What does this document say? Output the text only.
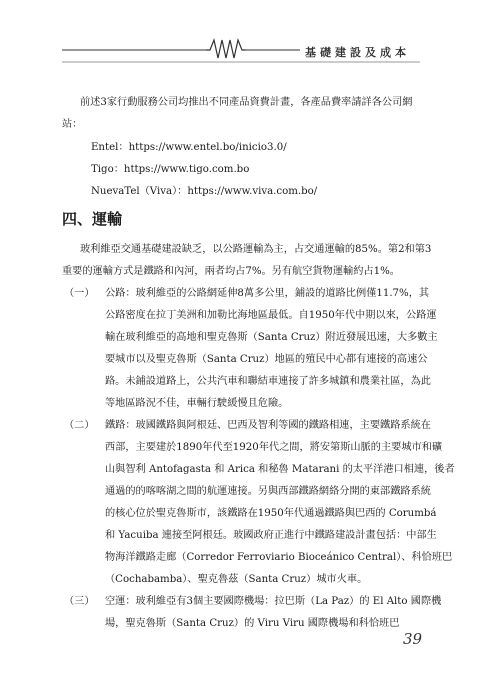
基礎建設及成本
前述3家行動服務公司均推出不同產品資費計畫，各產品費率請詳各公司網
站：
Entel：https://www.entel.bo/inicio3.0/
Tigo：https://www.tigo.com.bo
NuevaTel（Viva）：https://www.viva.com.bo/
四、運輸
玻利維亞交通基礎建設缺乏，以公路運輸為主，占交通運輸的85%。第2和第3
重要的運輸方式是鐵路和內河，兩者均占7%。另有航空貨物運輸約占1%。
（一） 公路：玻利維亞的公路網延伸8萬多公里，鋪設的道路比例僅11.7%，其
公路密度在拉丁美洲和加勒比海地區最低。自1950年代中期以來，公路運
輸在玻利維亞的高地和聖克魯斯（Santa Cruz）附近發展迅速，大多數主
要城市以及聖克魯斯（Santa Cruz）地區的殖民中心都有連接的高速公
路。未鋪設道路上，公共汽車和聯結車連接了許多城鎮和農業社區，為此
等地區路況不佳，車輛行駛緩慢且危險。
（二） 鐵路：玻國鐵路與阿根廷、巴西及智利等國的鐵路相連，主要鐵路系統在
西部，主要建於1890年代至1920年代之間，將安第斯山脈的主要城市和礦
山與智利 Antofagasta 和 Arica 和秘魯 Matarani 的太平洋港口相連，後者
通過的的喀喀湖之間的航運連接。另與西部鐵路網絡分開的東部鐵路系統
的核心位於聖克魯斯市，該鐵路在1950年代通過鐵路與巴西的 Corumbá
和 Yacuiba 連接至阿根廷。玻國政府正進行中鐵路建設計畫包括：中部生
物海洋鐵路走廊（Corredor Ferroviario Bioceánico Central）、科恰班巴
（Cochabamba）、聖克魯茲（Santa Cruz）城市火車。
（三） 空運：玻利維亞有3個主要國際機場：拉巴斯（La Paz）的 El Alto 國際機
場，聖克魯斯（Santa Cruz）的 Viru Viru 國際機場和科恰班巴
39
